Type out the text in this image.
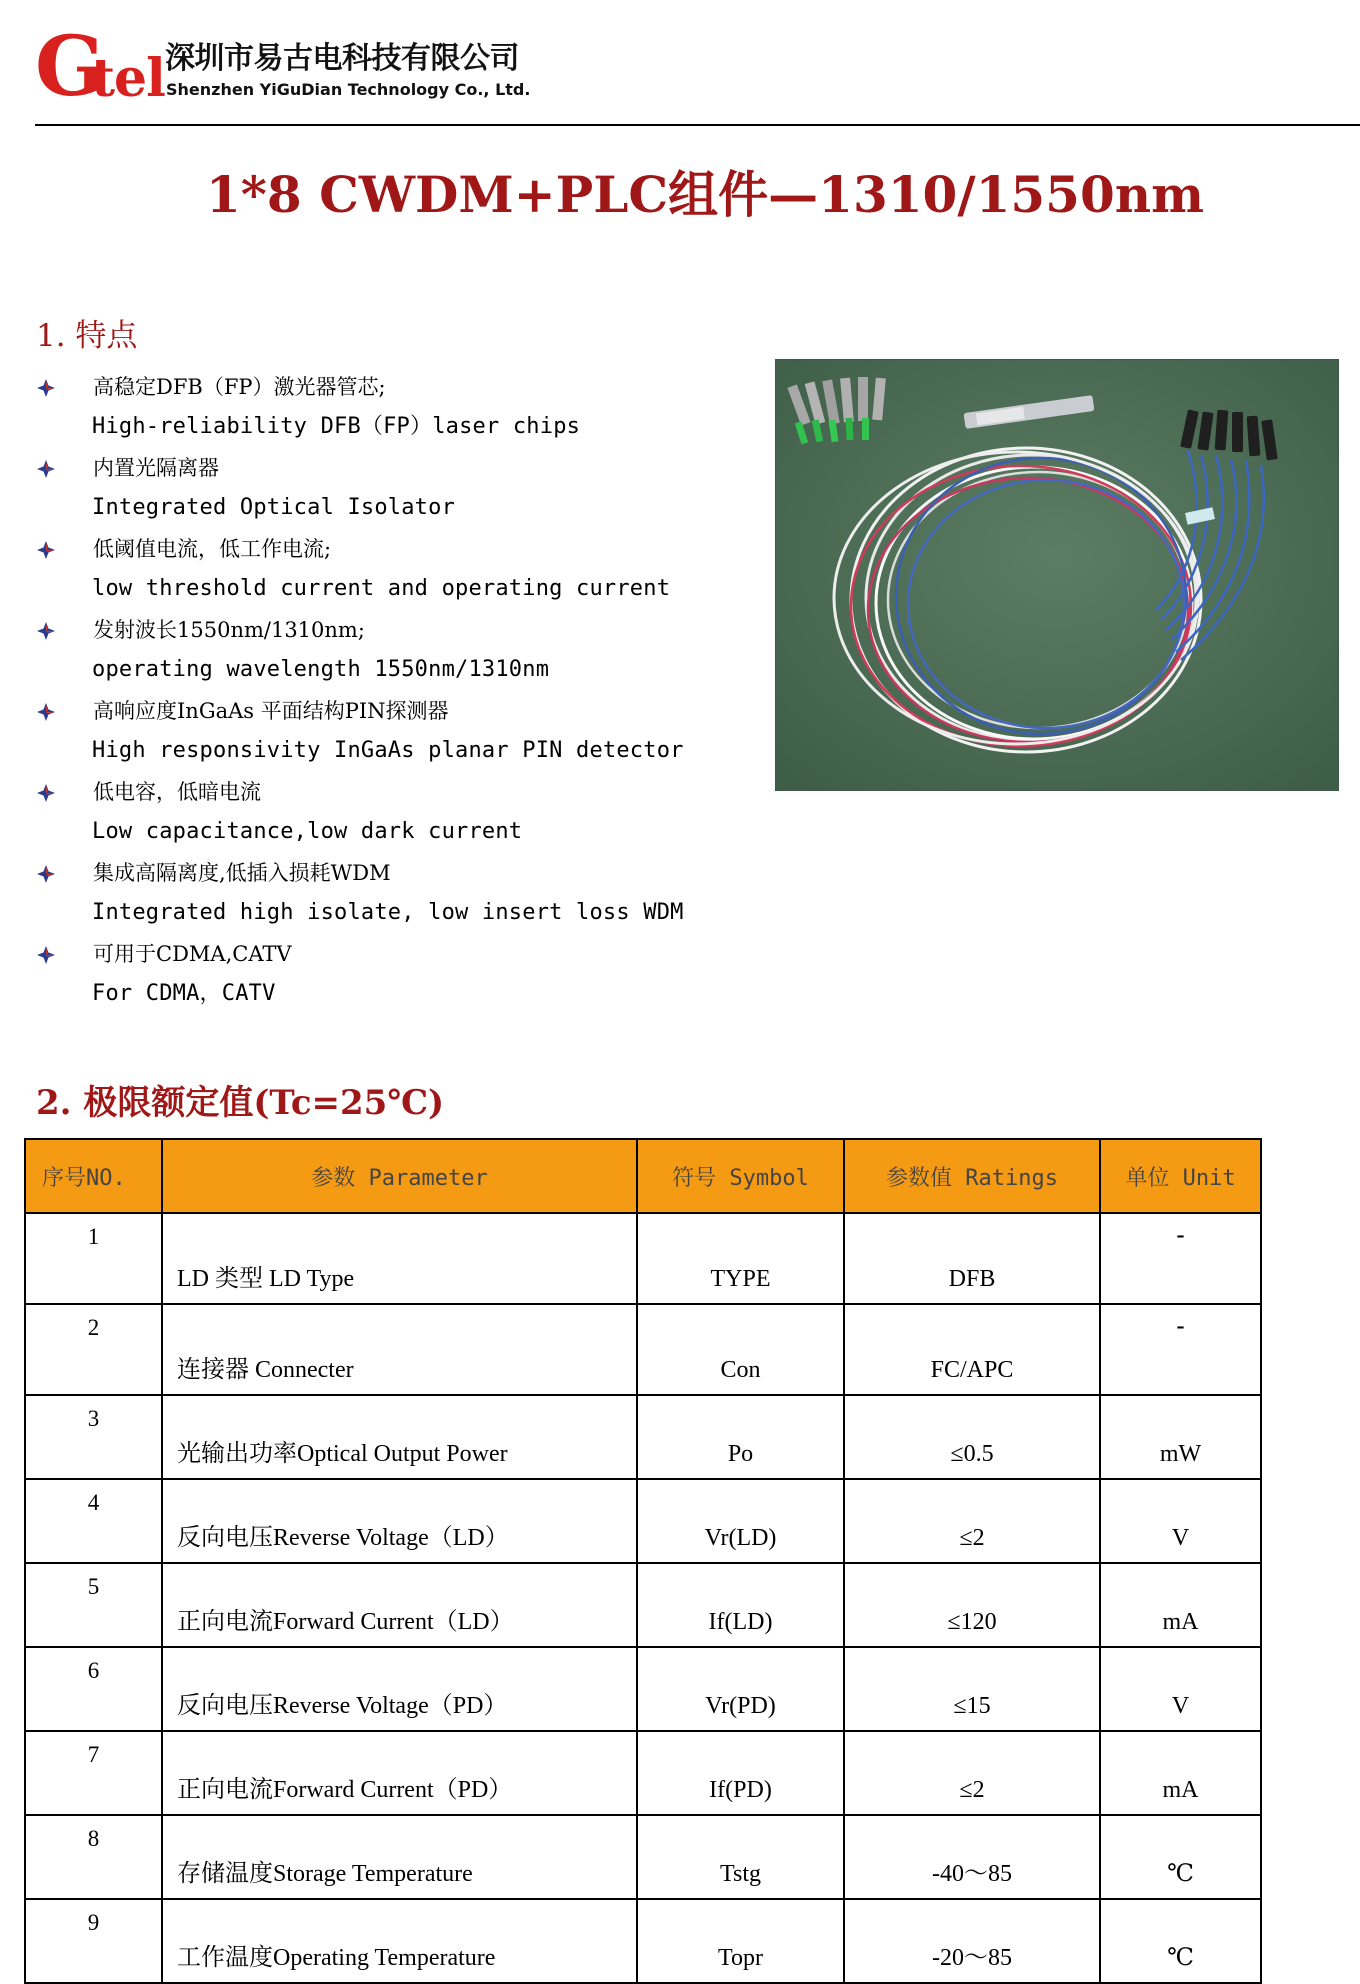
G
tel 深圳市易古电科技有限公司
Shenzhen YiGuDian Technology Co., Ltd.
1*8 CWDM+PLC组件—1310/1550nm
1. 特点
高稳定DFB（FP）激光器管芯;
High-reliability DFB（FP）laser chips
内置光隔离器
Integrated Optical Isolator
低阈值电流，低工作电流;
low threshold current and operating current
发射波长1550nm/1310nm;
operating wavelength 1550nm/1310nm
高响应度InGaAs 平面结构PIN探测器
High responsivity InGaAs planar PIN detector
低电容，低暗电流
Low capacitance,low dark current
集成高隔离度,低插入损耗WDM
Integrated high isolate, low insert loss WDM
可用于CDMA,CATV
For CDMA，CATV
2. 极限额定值(Tc=25℃)
序号NO.	参数 Parameter	符号 Symbol	参数值 Ratings	单位 Unit
1	LD 类型 LD Type	TYPE	DFB	-
2	连接器 Connecter	Con	FC/APC	-
3	光输出功率Optical Output Power	Po	≤0.5	mW
4	反向电压Reverse Voltage（LD）	Vr(LD)	≤2	V
5	正向电流Forward Current（LD）	If(LD)	≤120	mA
6	反向电压Reverse Voltage（PD）	Vr(PD)	≤15	V
7	正向电流Forward Current（PD）	If(PD)	≤2	mA
8	存储温度Storage Temperature	Tstg	-40～85	℃
9	工作温度Operating Temperature	Topr	-20～85	℃
